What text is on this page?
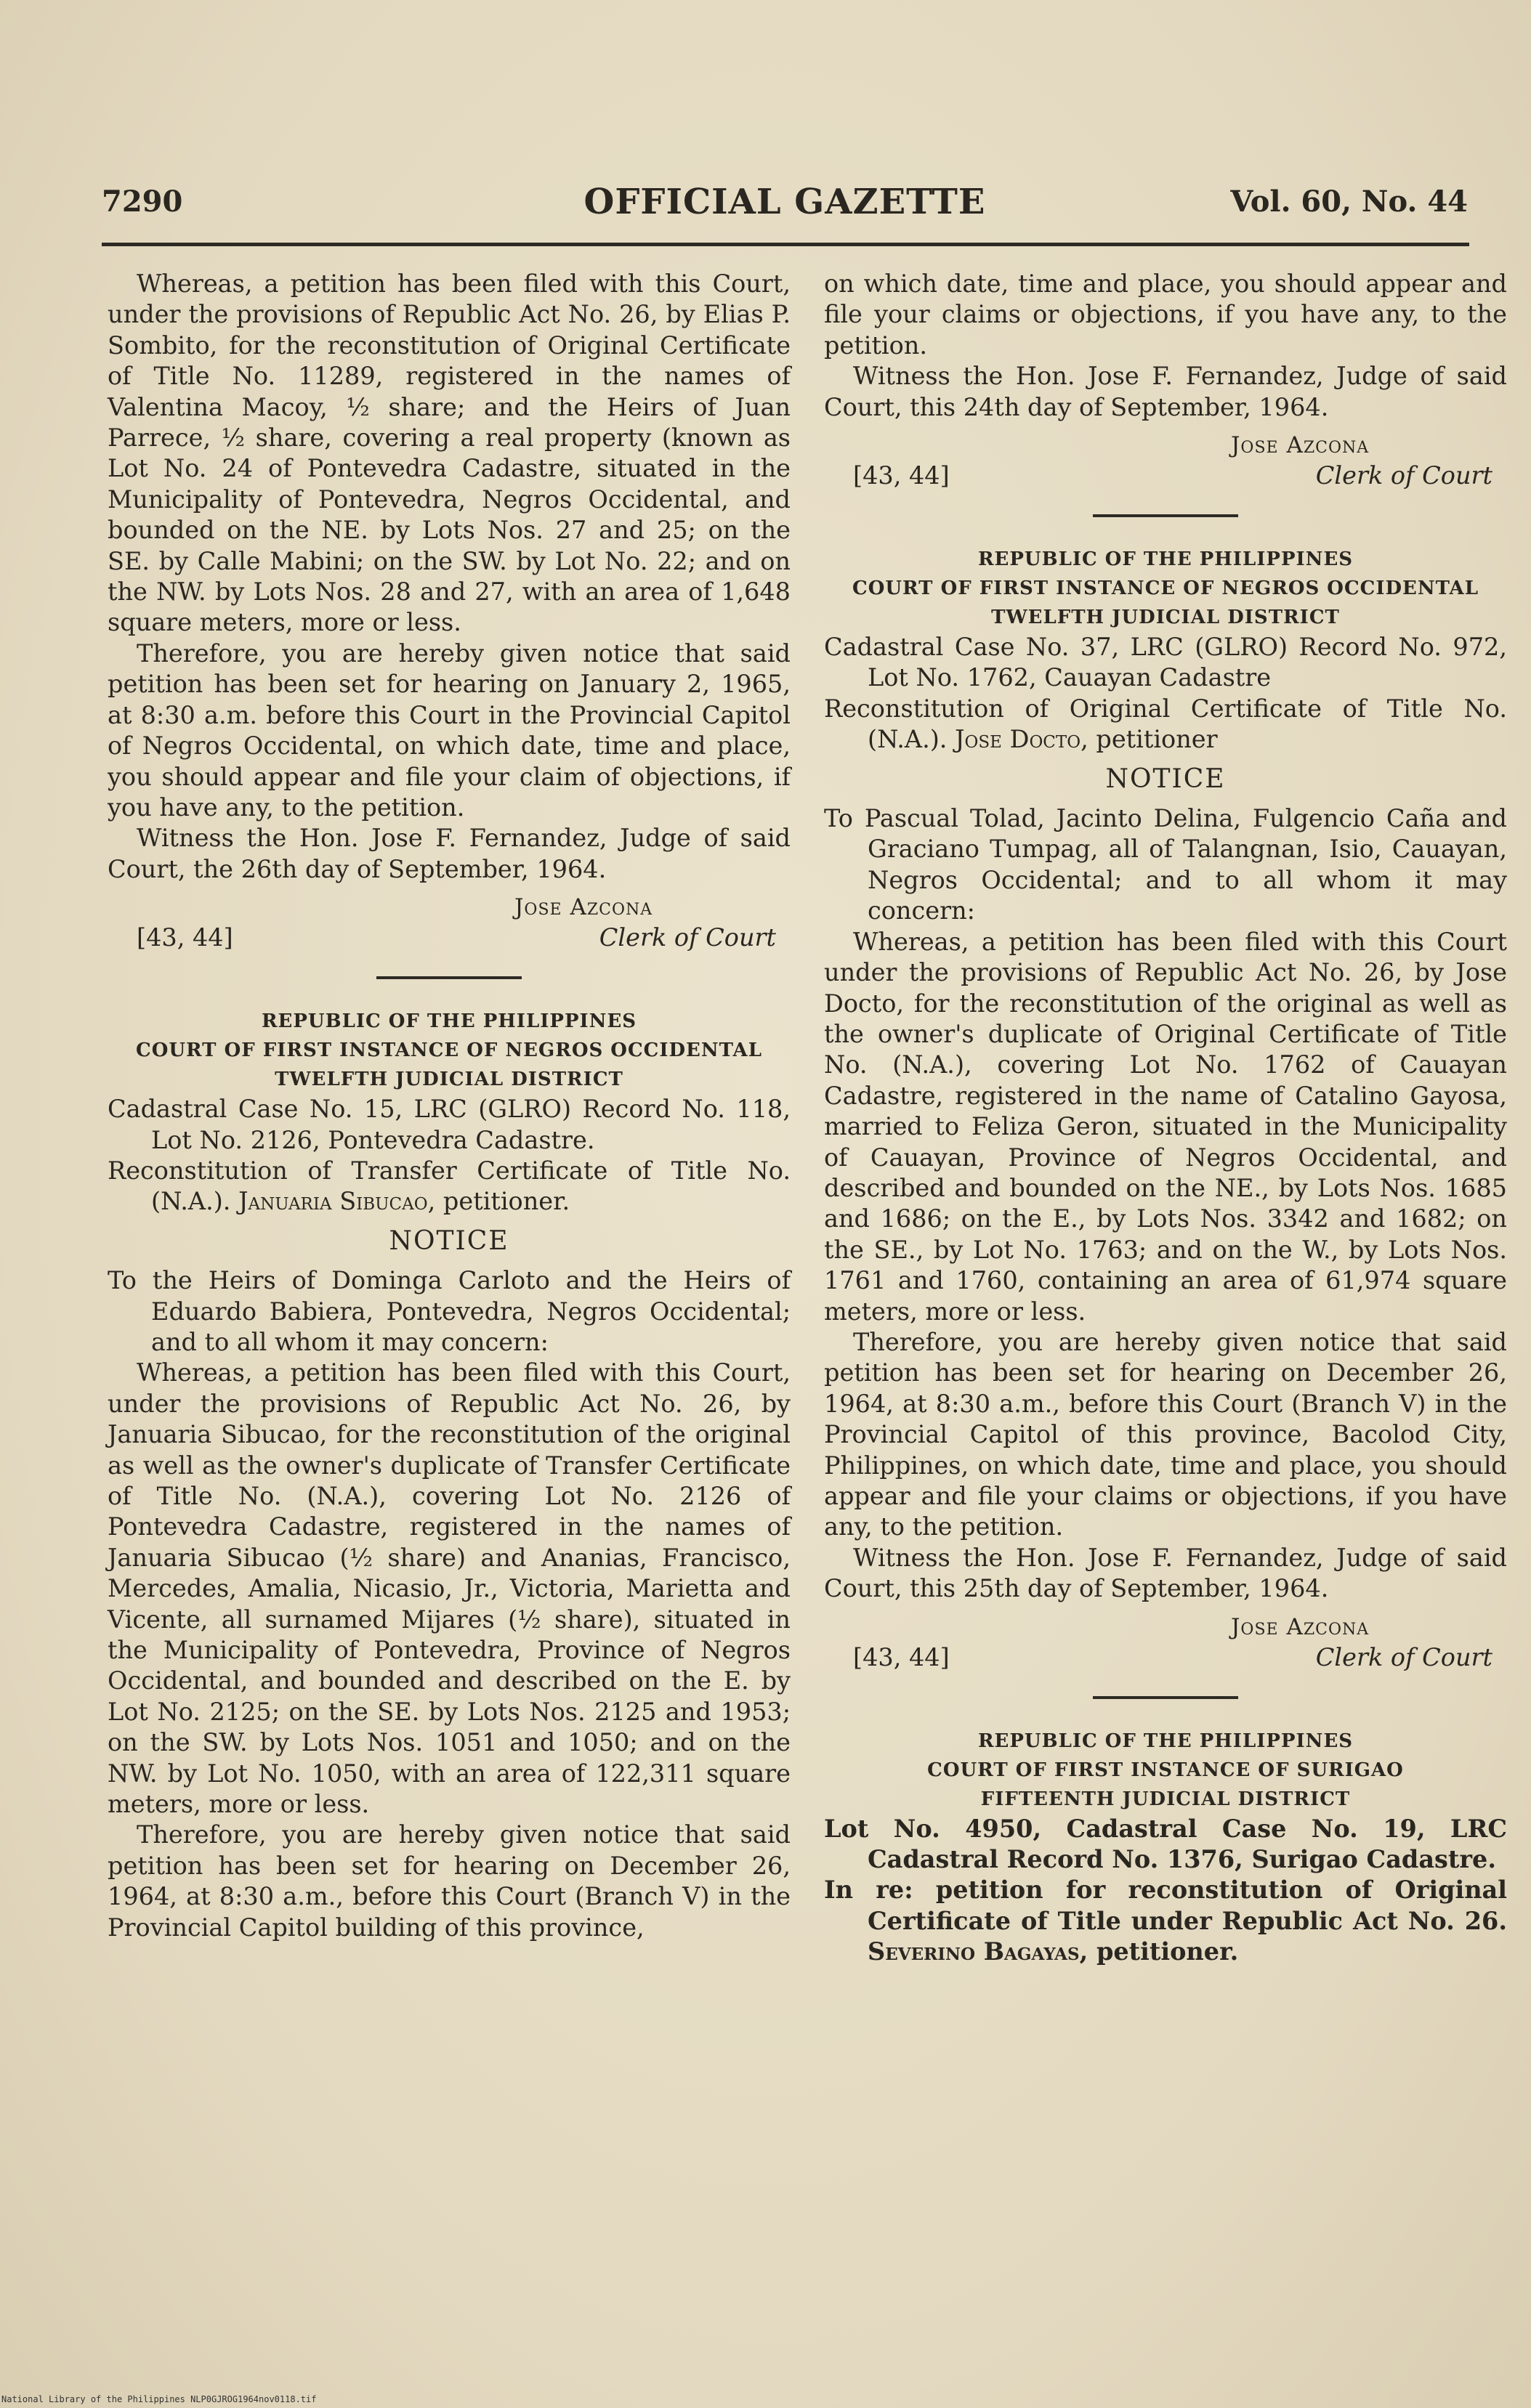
7290	OFFICIAL GAZETTE	Vol. 60, No. 44

Whereas, a petition has been filed with this Court, under the provisions of Republic Act No. 26, by Elias P. Sombito, for the reconstitution of Original Certificate of Title No. 11289, registered in the names of Valentina Macoy, ½ share; and the Heirs of Juan Parrece, ½ share, covering a real property (known as Lot No. 24 of Pontevedra Cadastre, situated in the Municipality of Pontevedra, Negros Occidental, and bounded on the NE. by Lots Nos. 27 and 25; on the SE. by Calle Mabini; on the SW. by Lot No. 22; and on the NW. by Lots Nos. 28 and 27, with an area of 1,648 square meters, more or less.

Therefore, you are hereby given notice that said petition has been set for hearing on January 2, 1965, at 8:30 a.m. before this Court in the Provincial Capitol of Negros Occidental, on which date, time and place, you should appear and file your claim of objections, if you have any, to the petition.

Witness the Hon. Jose F. Fernandez, Judge of said Court, the 26th day of September, 1964.

Jose Azcona
[43, 44]	Clerk of Court
REPUBLIC OF THE PHILIPPINES
COURT OF FIRST INSTANCE OF NEGROS OCCIDENTAL
TWELFTH JUDICIAL DISTRICT

Cadastral Case No. 15, LRC (GLRO) Record No. 118, Lot No. 2126, Pontevedra Cadastre.

Reconstitution of Transfer Certificate of Title No. (N.A.). Januaria Sibucao, petitioner.

NOTICE

To the Heirs of Dominga Carloto and the Heirs of Eduardo Babiera, Pontevedra, Negros Occidental; and to all whom it may concern:

Whereas, a petition has been filed with this Court, under the provisions of Republic Act No. 26, by Januaria Sibucao, for the reconstitution of the original as well as the owner's duplicate of Transfer Certificate of Title No. (N.A.), covering Lot No. 2126 of Pontevedra Cadastre, registered in the names of Januaria Sibucao (½ share) and Ananias, Francisco, Mercedes, Amalia, Nicasio, Jr., Victoria, Marietta and Vicente, all surnamed Mijares (½ share), situated in the Municipality of Pontevedra, Province of Negros Occidental, and bounded and described on the E. by Lot No. 2125; on the SE. by Lots Nos. 2125 and 1953; on the SW. by Lots Nos. 1051 and 1050; and on the NW. by Lot No. 1050, with an area of 122,311 square meters, more or less.

Therefore, you are hereby given notice that said petition has been set for hearing on December 26, 1964, at 8:30 a.m., before this Court (Branch V) in the Provincial Capitol building of this province,

on which date, time and place, you should appear and file your claims or objections, if you have any, to the petition.

Witness the Hon. Jose F. Fernandez, Judge of said Court, this 24th day of September, 1964.

Jose Azcona
[43, 44]	Clerk of Court
REPUBLIC OF THE PHILIPPINES
COURT OF FIRST INSTANCE OF NEGROS OCCIDENTAL
TWELFTH JUDICIAL DISTRICT

Cadastral Case No. 37, LRC (GLRO) Record No. 972, Lot No. 1762, Cauayan Cadastre

Reconstitution of Original Certificate of Title No. (N.A.). Jose Docto, petitioner

NOTICE

To Pascual Tolad, Jacinto Delina, Fulgencio Caña and Graciano Tumpag, all of Talangnan, Isio, Cauayan, Negros Occidental; and to all whom it may concern:

Whereas, a petition has been filed with this Court under the provisions of Republic Act No. 26, by Jose Docto, for the reconstitution of the original as well as the owner's duplicate of Original Certificate of Title No. (N.A.), covering Lot No. 1762 of Cauayan Cadastre, registered in the name of Catalino Gayosa, married to Feliza Geron, situated in the Municipality of Cauayan, Province of Negros Occidental, and described and bounded on the NE., by Lots Nos. 1685 and 1686; on the E., by Lots Nos. 3342 and 1682; on the SE., by Lot No. 1763; and on the W., by Lots Nos. 1761 and 1760, containing an area of 61,974 square meters, more or less.

Therefore, you are hereby given notice that said petition has been set for hearing on December 26, 1964, at 8:30 a.m., before this Court (Branch V) in the Provincial Capitol of this province, Bacolod City, Philippines, on which date, time and place, you should appear and file your claims or objections, if you have any, to the petition.

Witness the Hon. Jose F. Fernandez, Judge of said Court, this 25th day of September, 1964.

Jose Azcona
[43, 44]	Clerk of Court
REPUBLIC OF THE PHILIPPINES
COURT OF FIRST INSTANCE OF SURIGAO
FIFTEENTH JUDICIAL DISTRICT

Lot No. 4950, Cadastral Case No. 19, LRC Cadastral Record No. 1376, Surigao Cadastre.

In re: petition for reconstitution of Original Certificate of Title under Republic Act No. 26. Severino Bagayas, petitioner.

National Library of the Philippines NLP0GJROG1964nov0118.tif
